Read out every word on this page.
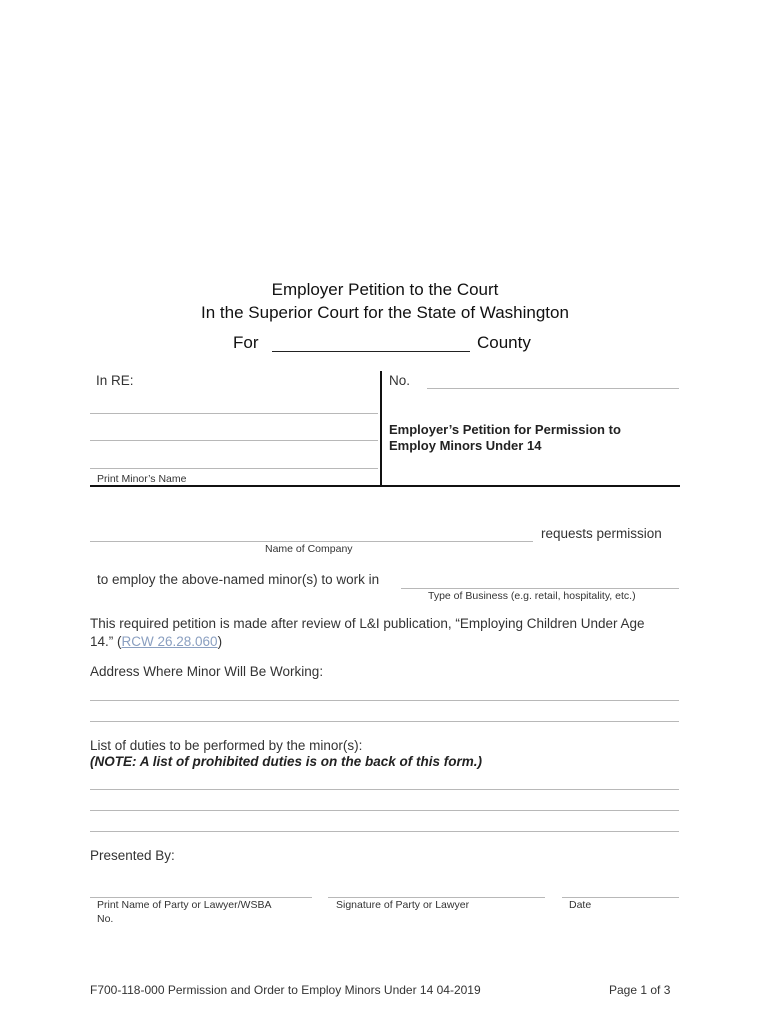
Employer Petition to the Court
In the Superior Court for the State of Washington
For	County
In RE:	No.
Print Minor’s Name
Employer’s Petition for Permission to
Employ Minors Under 14
requests permission
Name of Company
to employ the above-named minor(s) to work in
Type of Business (e.g. retail, hospitality, etc.)
This required petition is made after review of L&I publication, “Employing Children Under Age
14.” (RCW 26.28.060)
Address Where Minor Will Be Working:
List of duties to be performed by the minor(s):
(NOTE: A list of prohibited duties is on the back of this form.)
Presented By:
Print Name of Party or Lawyer/WSBA
No.
Signature of Party or Lawyer	Date
F700-118-000 Permission and Order to Employ Minors Under 14 04-2019	Page 1 of 3
